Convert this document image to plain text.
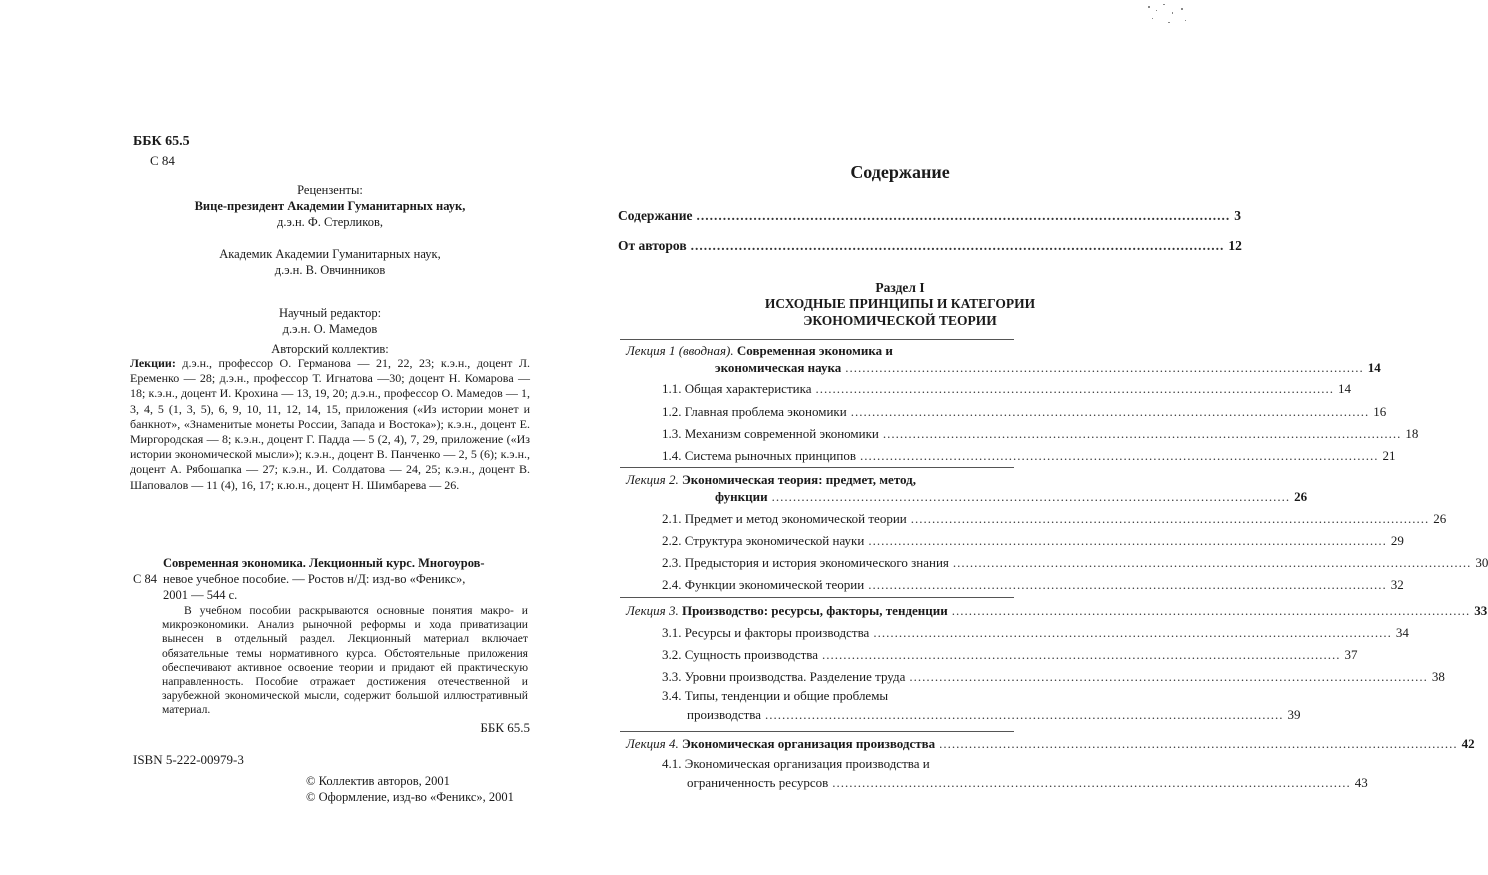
ББК 65.5
С 84
Рецензенты:
Вице-президент Академии Гуманитарных наук,
д.э.н. Ф. Стерликов,
Академик Академии Гуманитарных наук,
д.э.н. В. Овчинников
Научный редактор:
д.э.н. О. Мамедов
Авторский коллектив:
Лекции: д.э.н., профессор О. Германова — 21, 22, 23; к.э.н., доцент Л. Еременко — 28; д.э.н., профессор Т. Игнатова —30; доцент Н. Комарова — 18; к.э.н., доцент И. Крохина — 13, 19, 20; д.э.н., профессор О. Мамедов — 1, 3, 4, 5 (1, 3, 5), 6, 9, 10, 11, 12, 14, 15, приложения («Из истории монет и банкнот», «Знаменитые монеты России, Запада и Востока»); к.э.н., доцент Е. Миргородская — 8; к.э.н., доцент Г. Падда — 5 (2, 4), 7, 29, приложение («Из истории экономической мысли»); к.э.н., доцент В. Панченко — 2, 5 (6); к.э.н., доцент А. Рябошапка — 27; к.э.н., И. Солдатова — 24, 25; к.э.н., доцент В. Шаповалов — 11 (4), 16, 17; к.ю.н., доцент Н. Шимбарева — 26.
Современная экономика. Лекционный курс. Многоуров-
С 84 невое учебное пособие. — Ростов н/Д: изд-во «Феникс»,
2001 — 544 с.
В учебном пособии раскрываются основные понятия макро- и микроэкономики. Анализ рыночной реформы и хода приватизации вынесен в отдельный раздел. Лекционный материал включает обязательные темы нормативного курса. Обстоятельные приложения обеспечивают активное освоение теории и придают ей практическую направленность. Пособие отражает достижения отечественной и зарубежной экономической мысли, содержит большой иллюстративный материал.
ББК 65.5
ISBN 5-222-00979-3
© Коллектив авторов, 2001
© Оформление, изд-во «Феникс», 2001
Содержание
Содержание .......................................................................................................................... 3
От авторов .......................................................................................................................... 12
Раздел I
ИСХОДНЫЕ ПРИНЦИПЫ И КАТЕГОРИИ
ЭКОНОМИЧЕСКОЙ ТЕОРИИ
Лекция 1 (вводная). Современная экономика и
экономическая наука .......................................................................................................................... 14
1.1. Общая характеристика .......................................................................................................................... 14
1.2. Главная проблема экономики .......................................................................................................................... 16
1.3. Механизм современной экономики .......................................................................................................................... 18
1.4. Система рыночных принципов .......................................................................................................................... 21
Лекция 2. Экономическая теория: предмет, метод,
функции .......................................................................................................................... 26
2.1. Предмет и метод экономической теории .......................................................................................................................... 26
2.2. Структура экономической науки .......................................................................................................................... 29
2.3. Предыстория и история экономического знания .......................................................................................................................... 30
2.4. Функции экономической теории .......................................................................................................................... 32
Лекция 3. Производство: ресурсы, факторы, тенденции .......................................................................................................................... 33
3.1. Ресурсы и факторы производства .......................................................................................................................... 34
3.2. Сущность производства .......................................................................................................................... 37
3.3. Уровни производства. Разделение труда .......................................................................................................................... 38
3.4. Типы, тенденции и общие проблемы
производства .......................................................................................................................... 39
Лекция 4. Экономическая организация производства .......................................................................................................................... 42
4.1. Экономическая организация производства и
ограниченность ресурсов .......................................................................................................................... 43
